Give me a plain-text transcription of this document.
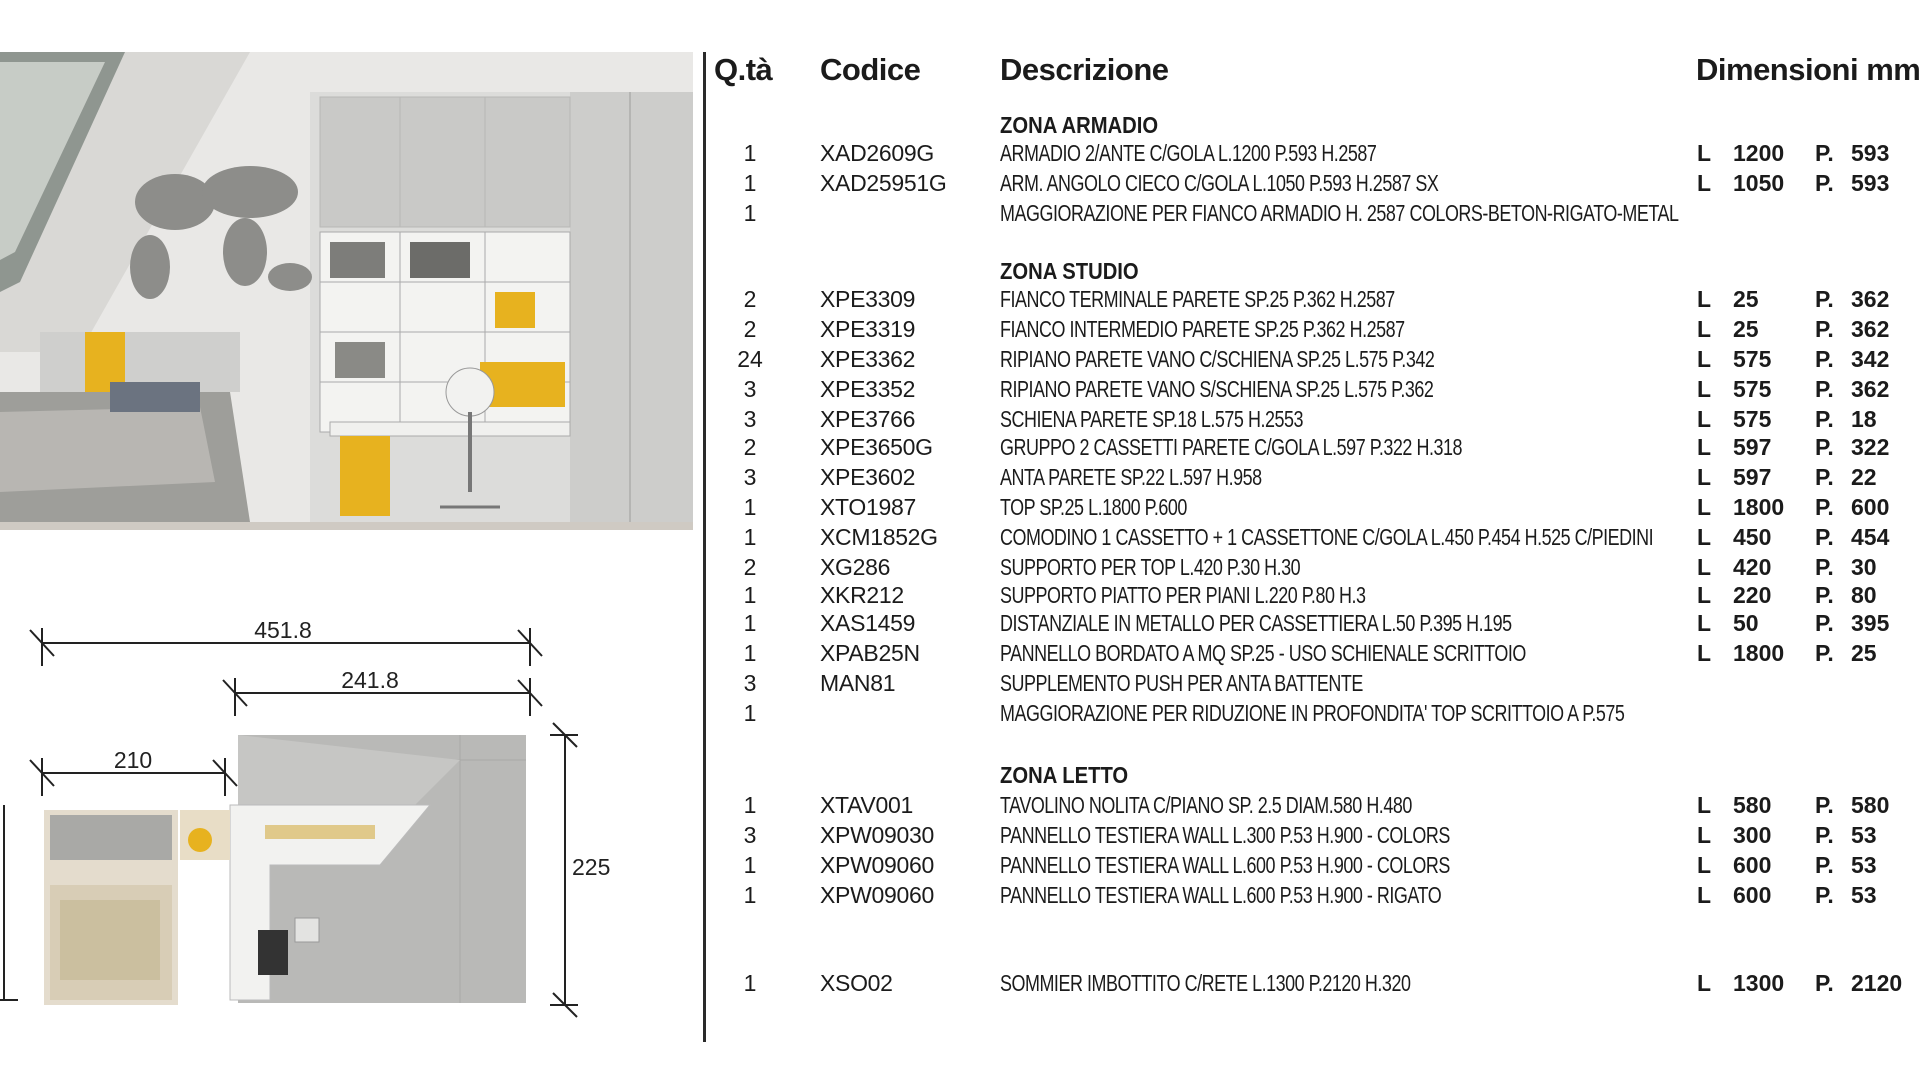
451.8
241.8
210
225
Q.tà Codice	Descrizione	Dimensioni mm
ZONA ARMADIO
ZONA STUDIO
ZONA LETTO
1	XAD2609G	ARMADIO 2/ANTE C/GOLA L.1200 P.593 H.2587	L 1200 P. 593
1	XAD25951G ARM. ANGOLO CIECO C/GOLA L.1050 P.593 H.2587 SX	L 1050 P. 593
1	MAGGIORAZIONE PER FIANCO ARMADIO H. 2587 COLORS-BETON-RIGATO-METAL
2	XPE3309	FIANCO TERMINALE PARETE SP.25 P.362 H.2587	L 25 P. 362
2	XPE3319	FIANCO INTERMEDIO PARETE SP.25 P.362 H.2587	L 25 P. 362
24	XPE3362	RIPIANO PARETE VANO C/SCHIENA SP.25 L.575 P.342	L 575 P. 342
3	XPE3352	RIPIANO PARETE VANO S/SCHIENA SP.25 L.575 P.362	L 575 P. 362
3	XPE3766	SCHIENA PARETE SP.18 L.575 H.2553	L 575 P. 18
2	XPE3650G	GRUPPO 2 CASSETTI PARETE C/GOLA L.597 P.322 H.318	L 597 P. 322
3	XPE3602	ANTA PARETE SP.22 L.597 H.958	L 597 P. 22
1	XTO1987	TOP SP.25 L.1800 P.600	L 1800 P. 600
1	XCM1852G	COMODINO 1 CASSETTO + 1 CASSETTONE C/GOLA L.450 P.454 H.525 C/PIEDINI L 450 P. 454
2	XG286	SUPPORTO PER TOP L.420 P.30 H.30	L 420 P. 30
1	XKR212	SUPPORTO PIATTO PER PIANI L.220 P.80 H.3	L 220 P. 80
1	XAS1459	DISTANZIALE IN METALLO PER CASSETTIERA L.50 P.395 H.195	L 50 P. 395
1	XPAB25N	PANNELLO BORDATO A MQ SP.25 - USO SCHIENALE SCRITTOIO	L 1800 P. 25
3	MAN81	SUPPLEMENTO PUSH PER ANTA BATTENTE
1	MAGGIORAZIONE PER RIDUZIONE IN PROFONDITA' TOP SCRITTOIO A P.575
1	XTAV001	TAVOLINO NOLITA C/PIANO SP. 2.5 DIAM.580 H.480	L 580 P. 580
3	XPW09030	PANNELLO TESTIERA WALL L.300 P.53 H.900 - COLORS	L 300 P. 53
1	XPW09060	PANNELLO TESTIERA WALL L.600 P.53 H.900 - COLORS	L 600 P. 53
1	XPW09060	PANNELLO TESTIERA WALL L.600 P.53 H.900 - RIGATO	L 600 P. 53
1	XSO02	SOMMIER IMBOTTITO C/RETE L.1300 P.2120 H.320	L 1300 P. 2120
